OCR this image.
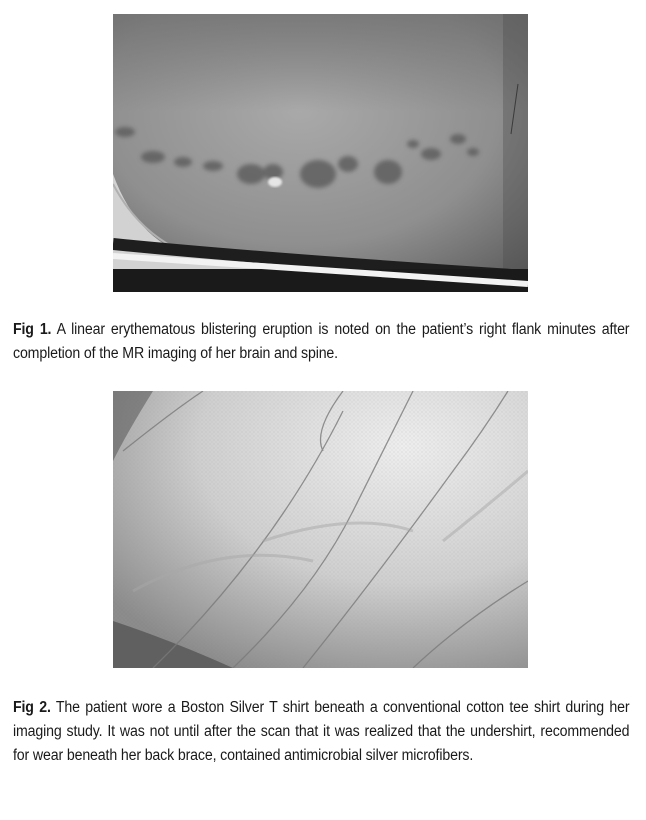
Fig 1. A linear erythematous blistering eruption is noted on the patient’s right flank minutes after completion of the MR imaging of her brain and spine.

Fig 2. The patient wore a Boston Silver T shirt beneath a conventional cotton tee shirt during her imaging study. It was not until after the scan that it was realized that the undershirt, recommended for wear beneath her back brace, contained antimicrobial silver microfibers.
